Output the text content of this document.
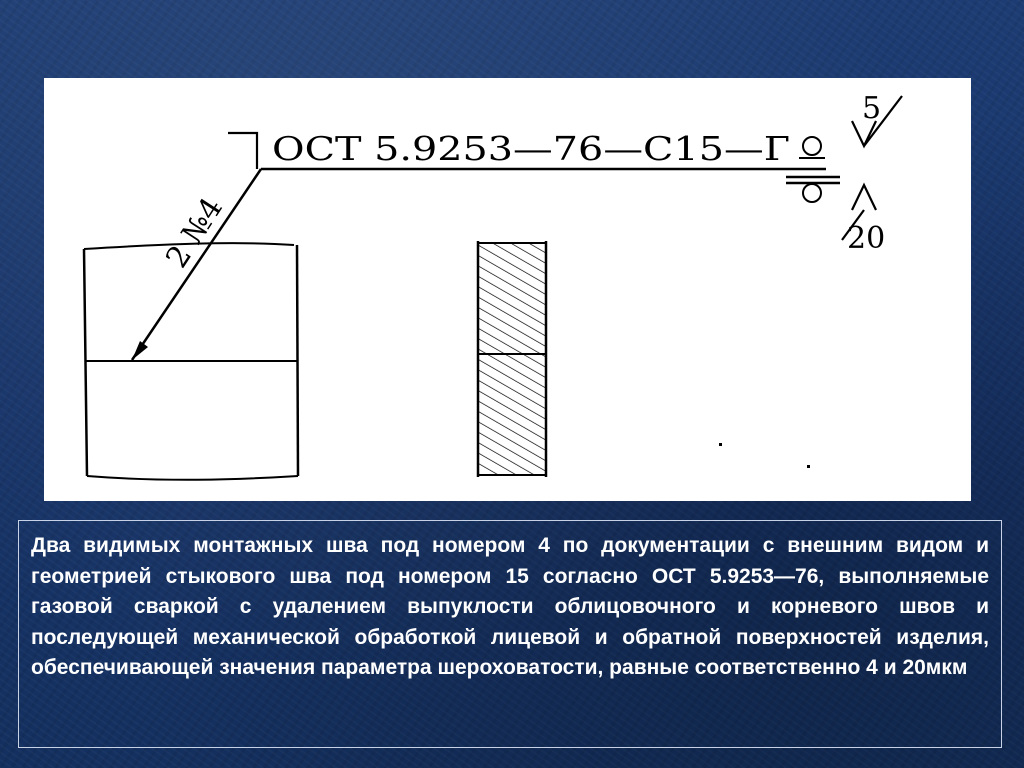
2 №4
ОСТ 5.9253—76—С15—Г
5
20

Два видимых монтажных шва под номером 4 по документации с внешним видом и геометрией стыкового шва под номером 15 согласно ОСТ 5.9253—76, выполняемые газовой сваркой с удалением выпуклости облицовочного и корневого швов и последующей механической обработкой лицевой и обратной поверхностей изделия, обеспечивающей значения параметра шероховатости, равные соответственно 4 и 20мкм
